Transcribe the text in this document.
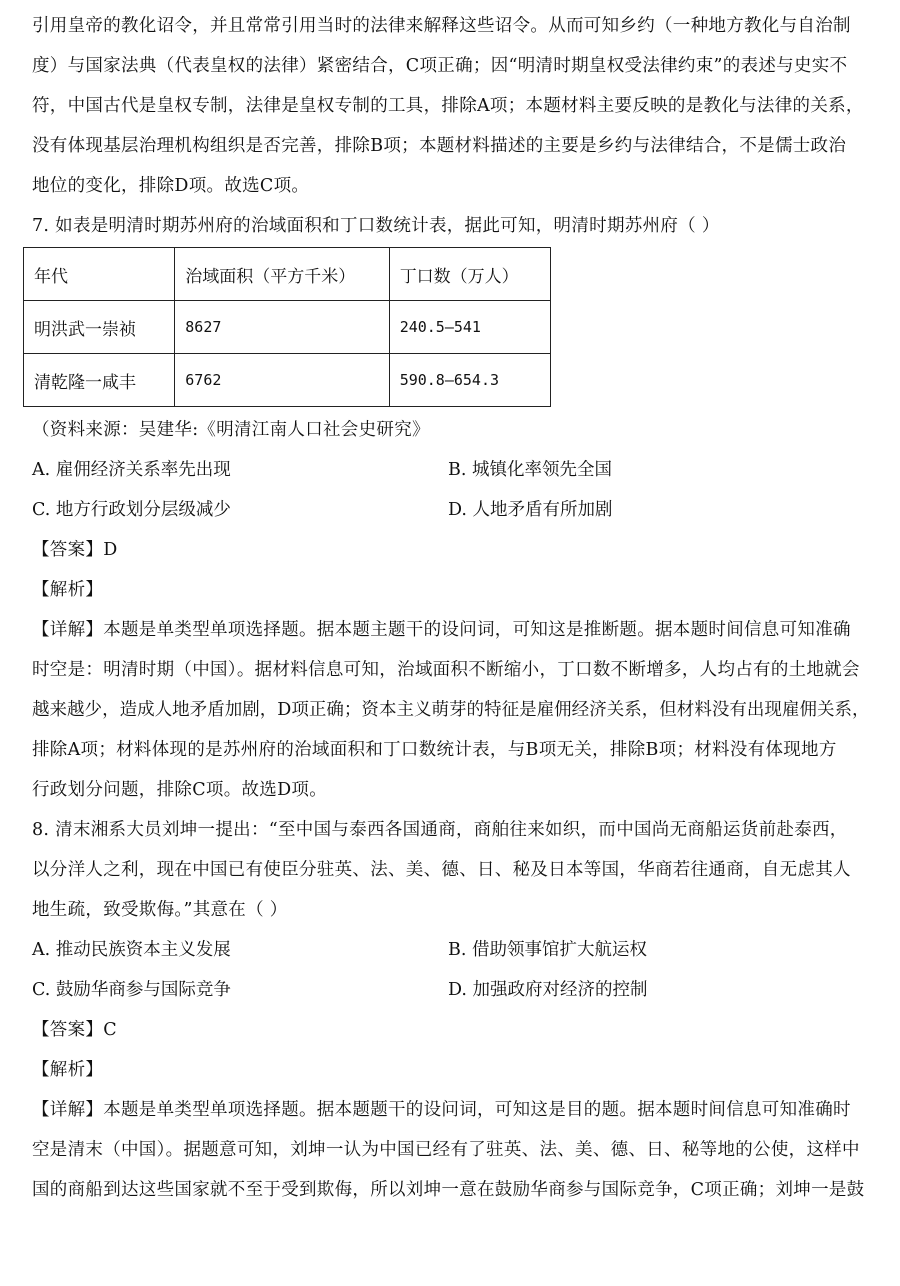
引用皇帝的教化诏令，并且常常引用当时的法律来解释这些诏令。从而可知乡约（一种地方教化与自治制
度）与国家法典（代表皇权的法律）紧密结合，C项正确；因“明清时期皇权受法律约束”的表述与史实不
符，中国古代是皇权专制，法律是皇权专制的工具，排除A项；本题材料主要反映的是教化与法律的关系，
没有体现基层治理机构组织是否完善，排除B项；本题材料描述的主要是乡约与法律结合，不是儒士政治
地位的变化，排除D项。故选C项。
7. 如表是明清时期苏州府的治域面积和丁口数统计表，据此可知，明清时期苏州府（ ）
年代	治域面积（平方千米）	丁口数（万人）
明洪武一崇祯	8627	240.5—541
清乾隆一咸丰	6762	590.8—654.3
（资料来源：吴建华:《明清江南人口社会史研究》
A. 雇佣经济关系率先出现	B. 城镇化率领先全国
C. 地方行政划分层级减少	D. 人地矛盾有所加剧
【答案】D
【解析】
【详解】本题是单类型单项选择题。据本题主题干的设问词，可知这是推断题。据本题时间信息可知准确
时空是：明清时期（中国）。据材料信息可知，治域面积不断缩小，丁口数不断增多，人均占有的土地就会
越来越少，造成人地矛盾加剧，D项正确；资本主义萌芽的特征是雇佣经济关系，但材料没有出现雇佣关系，
排除A项；材料体现的是苏州府的治域面积和丁口数统计表，与B项无关，排除B项；材料没有体现地方
行政划分问题，排除C项。故选D项。
8. 清末湘系大员刘坤一提出：“至中国与泰西各国通商，商舶往来如织，而中国尚无商船运货前赴泰西，
以分洋人之利，现在中国已有使臣分驻英、法、美、德、日、秘及日本等国，华商若往通商，自无虑其人
地生疏，致受欺侮。”其意在（ ）
A. 推动民族资本主义发展	B. 借助领事馆扩大航运权
C. 鼓励华商参与国际竞争	D. 加强政府对经济的控制
【答案】C
【解析】
【详解】本题是单类型单项选择题。据本题题干的设问词，可知这是目的题。据本题时间信息可知准确时
空是清末（中国）。据题意可知，刘坤一认为中国已经有了驻英、法、美、德、日、秘等地的公使，这样中
国的商船到达这些国家就不至于受到欺侮，所以刘坤一意在鼓励华商参与国际竞争，C项正确；刘坤一是鼓
